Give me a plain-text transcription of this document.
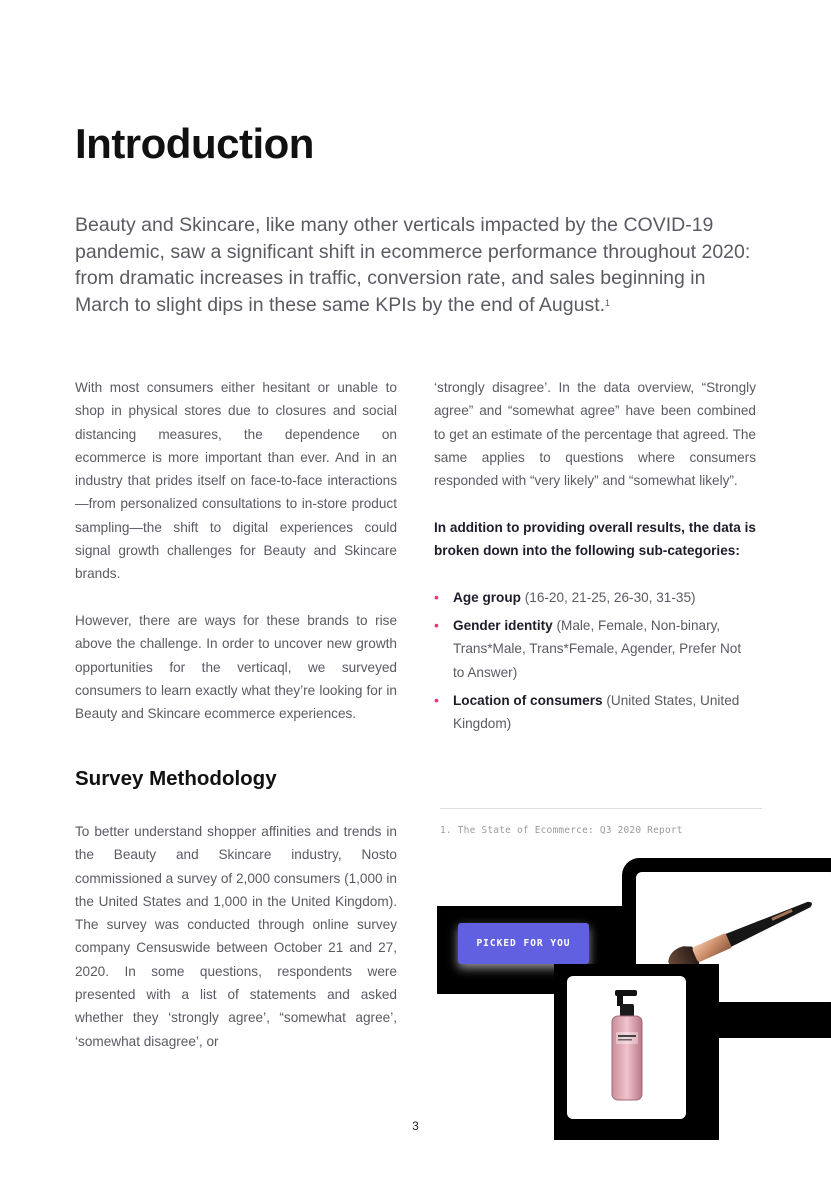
Introduction

Beauty and Skincare, like many other verticals impacted by the COVID-19 pandemic, saw a significant shift in ecommerce performance throughout 2020: from dramatic increases in traffic, conversion rate, and sales beginning in March to slight dips in these same KPIs by the end of August.$^1$

With most consumers either hesitant or unable to shop in physical stores due to closures and social distancing measures, the dependence on ecommerce is more important than ever. And in an industry that prides itself on face-to-face interactions—from personalized consultations to in-store product sampling—the shift to digital experiences could signal growth challenges for Beauty and Skincare brands.

However, there are ways for these brands to rise above the challenge. In order to uncover new growth opportunities for the verticaql, we surveyed consumers to learn exactly what they’re looking for in Beauty and Skincare ecommerce experiences.

Survey Methodology

To better understand shopper affinities and trends in the Beauty and Skincare industry, Nosto commissioned a survey of 2,000 consumers (1,000 in the United States and 1,000 in the United Kingdom). The survey was conducted through online survey company Censuswide between October 21 and 27, 2020. In some questions, respondents were presented with a list of statements and asked whether they ‘strongly agree’, “somewhat agree’, ‘somewhat disagree’, or

‘strongly disagree’. In the data overview, “Strongly agree” and “somewhat agree” have been combined to get an estimate of the percentage that agreed. The same applies to questions where consumers responded with “very likely” and “somewhat likely”.

In addition to providing overall results, the data is broken down into the following sub-categories:

• Age group (16-20, 21-25, 26-30, 31-35)
• Gender identity (Male, Female, Non-binary, Trans*Male, Trans*Female, Agender, Prefer Not to Answer)
• Location of consumers (United States, United Kingdom)
1. The State of Ecommerce: Q3 2020 Report
PICKED FOR YOU
3
